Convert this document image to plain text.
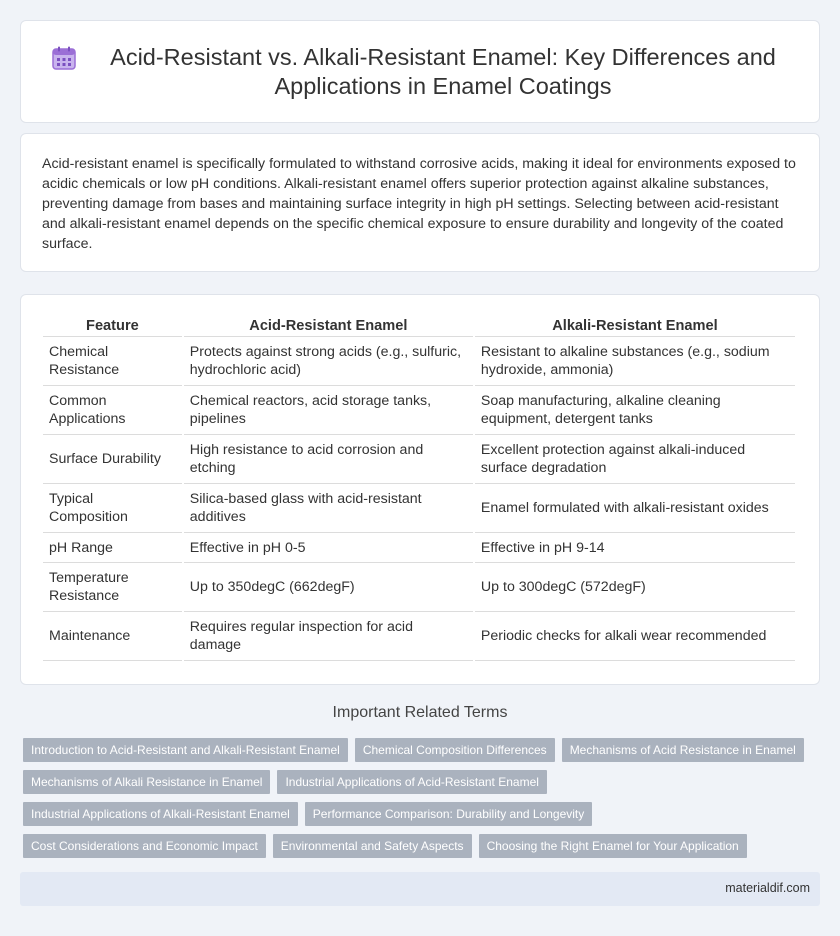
Acid-Resistant vs. Alkali-Resistant Enamel: Key Differences and Applications in Enamel Coatings

Acid-resistant enamel is specifically formulated to withstand corrosive acids, making it ideal for environments exposed to acidic chemicals or low pH conditions. Alkali-resistant enamel offers superior protection against alkaline substances, preventing damage from bases and maintaining surface integrity in high pH settings. Selecting between acid-resistant and alkali-resistant enamel depends on the specific chemical exposure to ensure durability and longevity of the coated surface.

Feature	Acid-Resistant Enamel	Alkali-Resistant Enamel
Chemical Resistance	Protects against strong acids (e.g., sulfuric, hydrochloric acid)	Resistant to alkaline substances (e.g., sodium hydroxide, ammonia)
Common Applications	Chemical reactors, acid storage tanks, pipelines	Soap manufacturing, alkaline cleaning equipment, detergent tanks
Surface Durability	High resistance to acid corrosion and etching	Excellent protection against alkali-induced surface degradation
Typical Composition	Silica-based glass with acid-resistant additives	Enamel formulated with alkali-resistant oxides
pH Range	Effective in pH 0-5	Effective in pH 9-14
Temperature Resistance	Up to 350degC (662degF)	Up to 300degC (572degF)
Maintenance	Requires regular inspection for acid damage	Periodic checks for alkali wear recommended
Important Related Terms
Introduction to Acid-Resistant and Alkali-Resistant Enamel	Chemical Composition Differences	Mechanisms of Acid Resistance in Enamel
Mechanisms of Alkali Resistance in Enamel	Industrial Applications of Acid-Resistant Enamel
Industrial Applications of Alkali-Resistant Enamel	Performance Comparison: Durability and Longevity
Cost Considerations and Economic Impact	Environmental and Safety Aspects	Choosing the Right Enamel for Your Application
materialdif.com
